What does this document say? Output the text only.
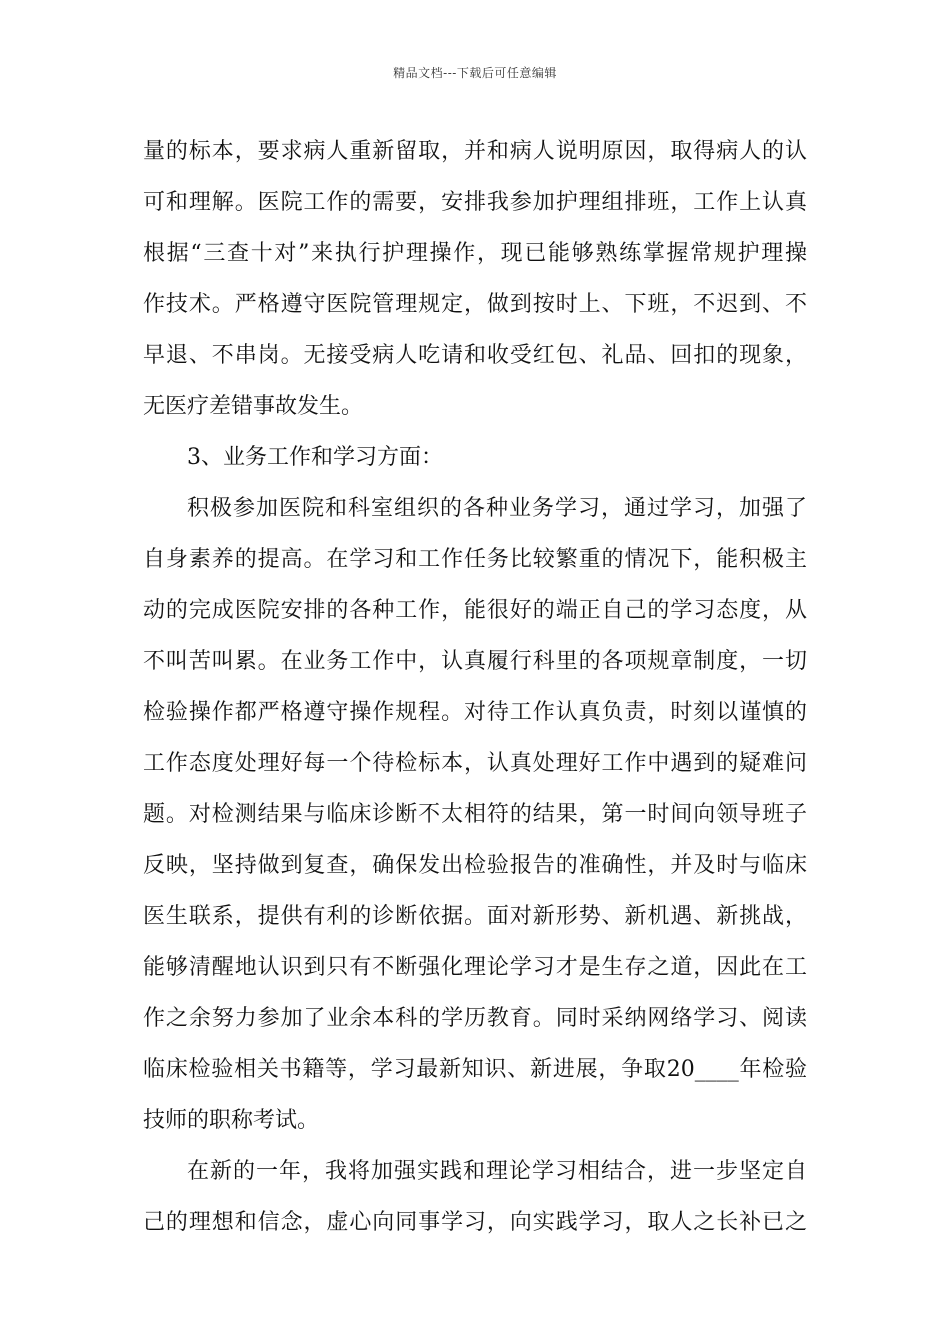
精品文档---下载后可任意编辑
量的标本，要求病人重新留取，并和病人说明原因，取得病人的认
可和理解。医院工作的需要，安排我参加护理组排班，工作上认真
根据“三查十对”来执行护理操作，现已能够熟练掌握常规护理操
作技术。严格遵守医院管理规定，做到按时上、下班，不迟到、不
早退、不串岗。无接受病人吃请和收受红包、礼品、回扣的现象，
无医疗差错事故发生。
3、业务工作和学习方面：
积极参加医院和科室组织的各种业务学习，通过学习，加强了
自身素养的提高。在学习和工作任务比较繁重的情况下，能积极主
动的完成医院安排的各种工作，能很好的端正自己的学习态度，从
不叫苦叫累。在业务工作中，认真履行科里的各项规章制度，一切
检验操作都严格遵守操作规程。对待工作认真负责，时刻以谨慎的
工作态度处理好每一个待检标本，认真处理好工作中遇到的疑难问
题。对检测结果与临床诊断不太相符的结果，第一时间向领导班子
反映，坚持做到复查，确保发出检验报告的准确性，并及时与临床
医生联系，提供有利的诊断依据。面对新形势、新机遇、新挑战，
能够清醒地认识到只有不断强化理论学习才是生存之道，因此在工
作之余努力参加了业余本科的学历教育。同时采纳网络学习、阅读
临床检验相关书籍等，学习最新知识、新进展，争取20____年检验
技师的职称考试。
在新的一年，我将加强实践和理论学习相结合，进一步坚定自
己的理想和信念，虚心向同事学习，向实践学习，取人之长补已之
